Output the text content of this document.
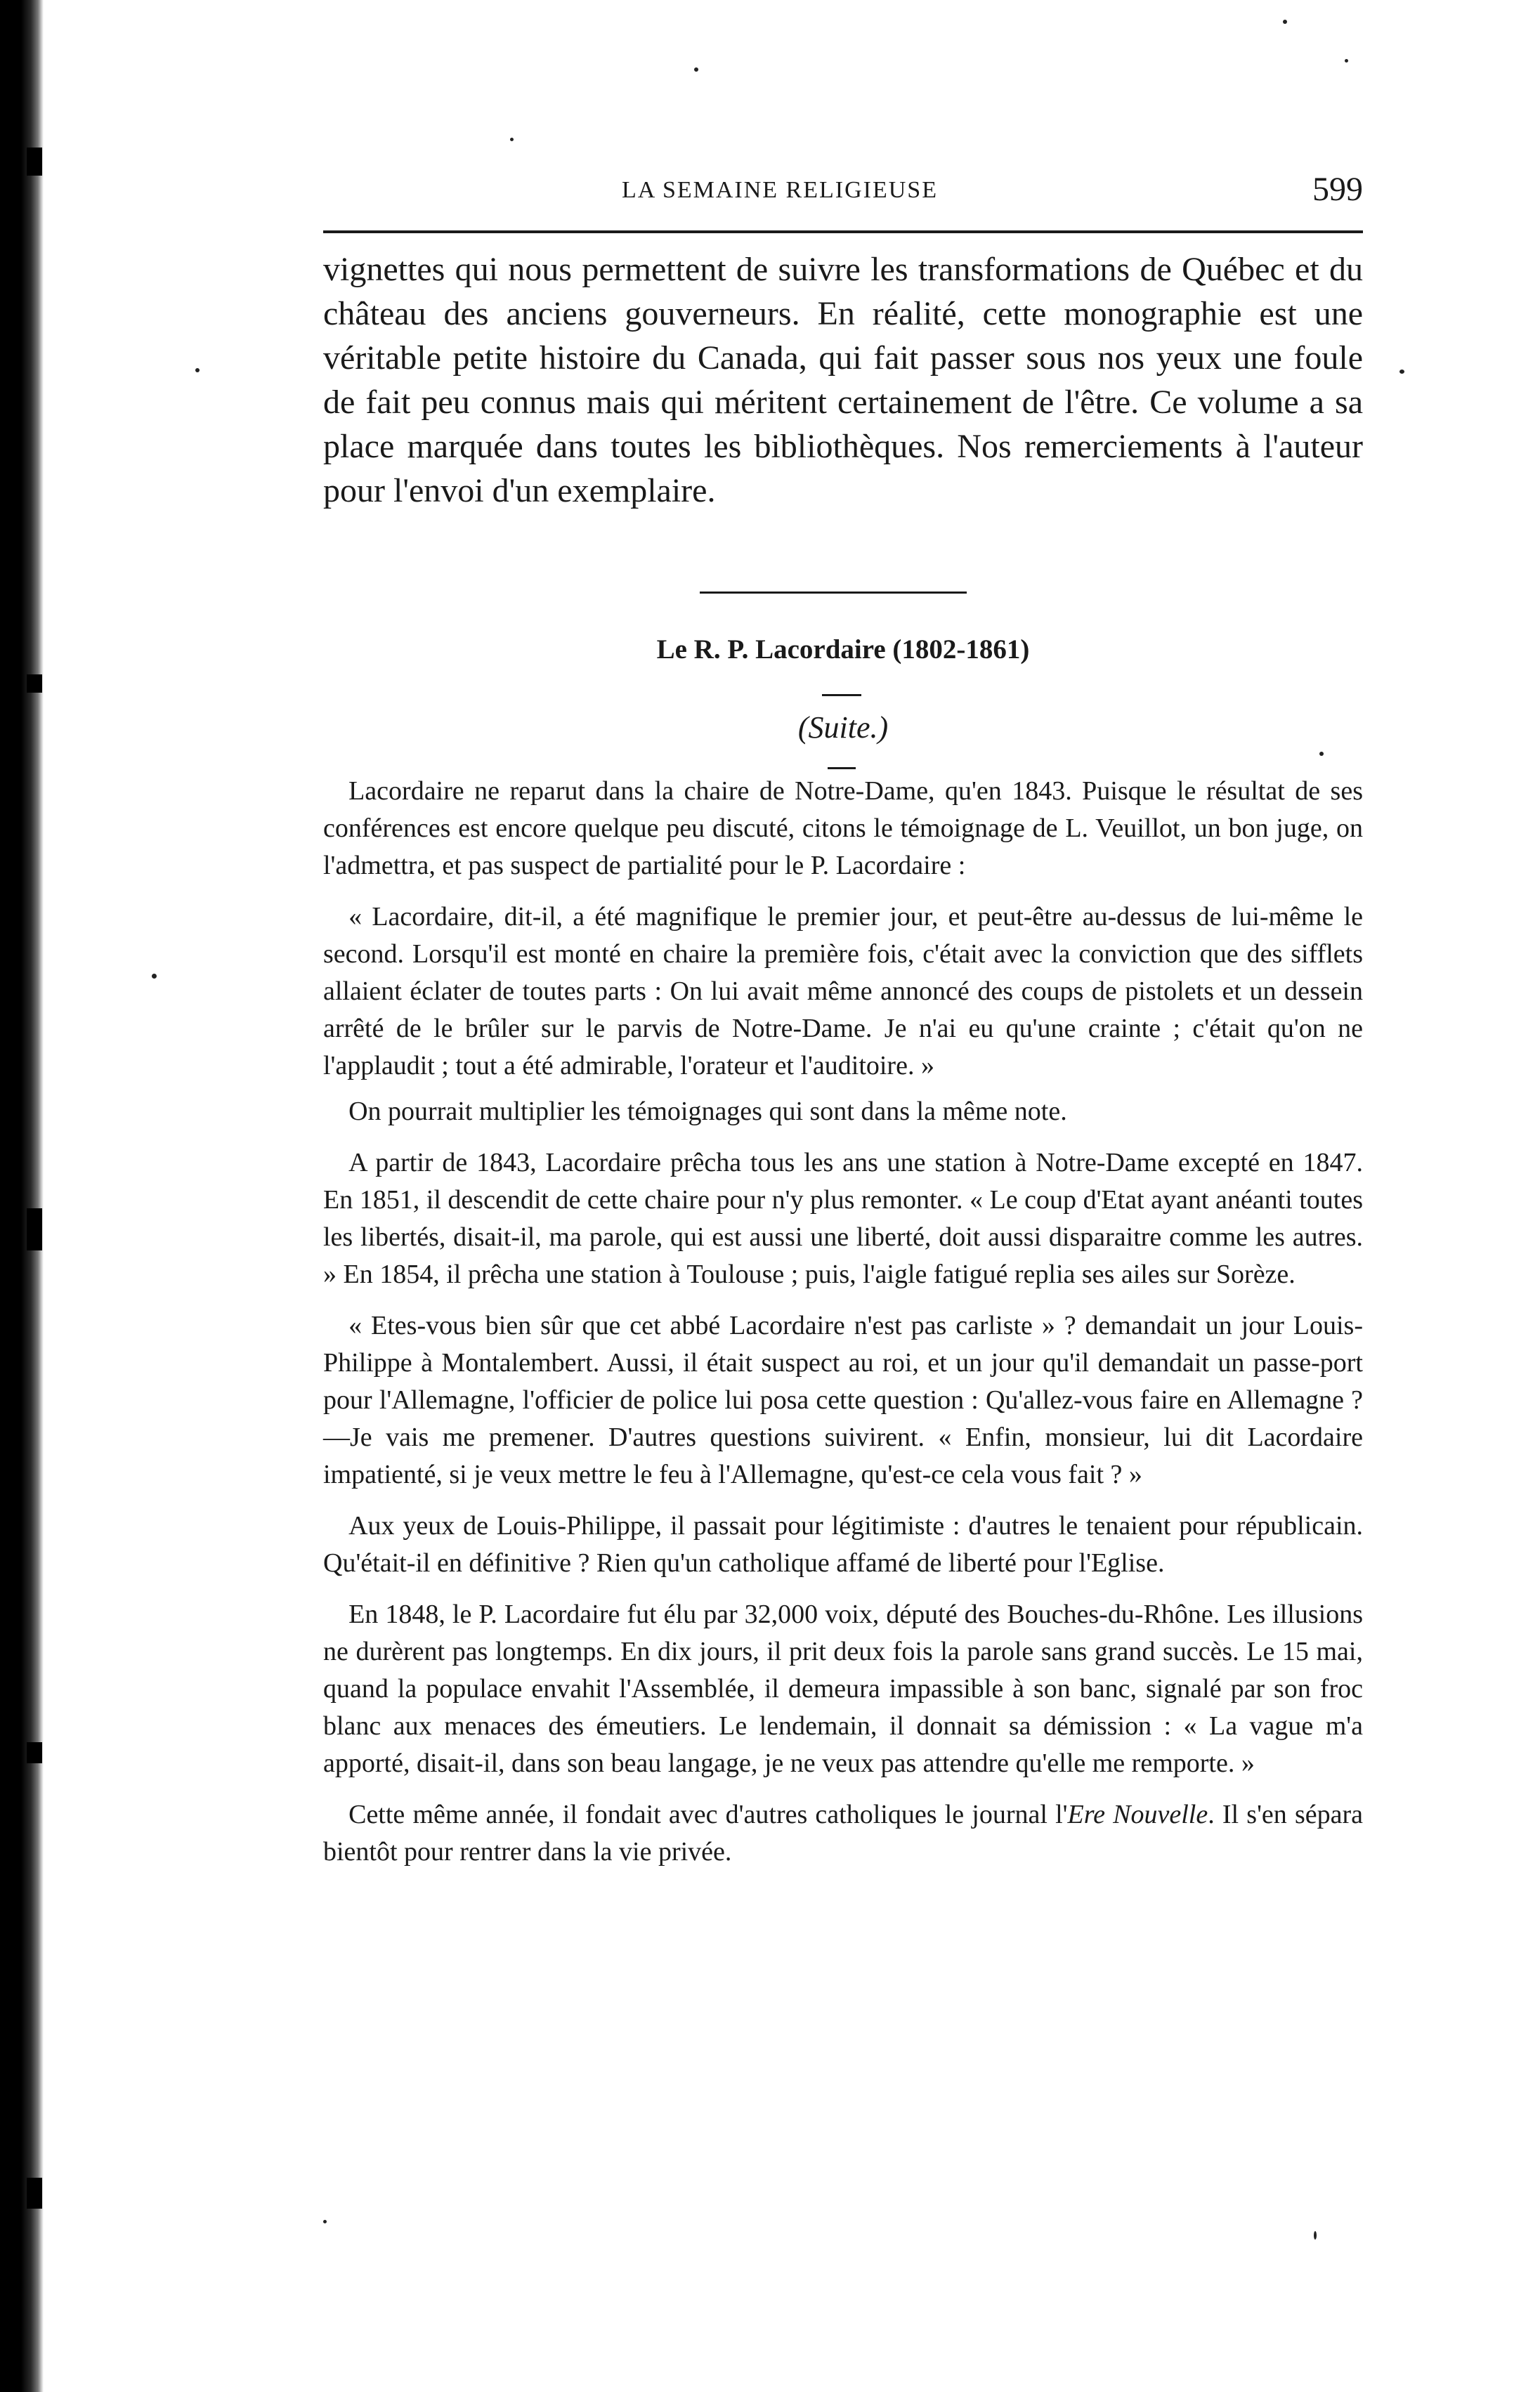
LA SEMAINE RELIGIEUSE	599
vignettes qui nous permettent de suivre les transformations de Québec et du château des anciens gouverneurs. En réalité, cette monographie est une véritable petite histoire du Canada, qui fait passer sous nos yeux une foule de fait peu connus mais qui méritent certainement de l'être. Ce volume a sa place marquée dans toutes les bibliothèques. Nos remerciements à l'auteur pour l'envoi d'un exemplaire.
Le R. P. Lacordaire (1802-1861)
(Suite.)

Lacordaire ne reparut dans la chaire de Notre-Dame, qu'en 1843. Puisque le résultat de ses conférences est encore quelque peu discuté, citons le témoignage de L. Veuillot, un bon juge, on l'admettra, et pas suspect de partialité pour le P. Lacordaire :

« Lacordaire, dit-il, a été magnifique le premier jour, et peut-être au-dessus de lui-même le second. Lorsqu'il est monté en chaire la première fois, c'était avec la conviction que des sifflets allaient éclater de toutes parts : On lui avait même annoncé des coups de pistolets et un dessein arrêté de le brûler sur le parvis de Notre-Dame. Je n'ai eu qu'une crainte ; c'était qu'on ne l'applaudit ; tout a été admirable, l'orateur et l'auditoire. »

On pourrait multiplier les témoignages qui sont dans la même note.

A partir de 1843, Lacordaire prêcha tous les ans une station à Notre-Dame excepté en 1847. En 1851, il descendit de cette chaire pour n'y plus remonter. « Le coup d'Etat ayant anéanti toutes les libertés, disait-il, ma parole, qui est aussi une liberté, doit aussi disparaitre comme les autres. » En 1854, il prêcha une station à Toulouse ; puis, l'aigle fatigué replia ses ailes sur Sorèze.

« Etes-vous bien sûr que cet abbé Lacordaire n'est pas carliste » ? demandait un jour Louis-Philippe à Montalembert. Aussi, il était suspect au roi, et un jour qu'il demandait un passe-port pour l'Allemagne, l'officier de police lui posa cette question : Qu'allez-vous faire en Allemagne ?—Je vais me premener. D'autres questions suivirent. « Enfin, monsieur, lui dit Lacordaire impatienté, si je veux mettre le feu à l'Allemagne, qu'est-ce cela vous fait ? »

Aux yeux de Louis-Philippe, il passait pour légitimiste : d'autres le tenaient pour républicain. Qu'était-il en définitive ? Rien qu'un catholique affamé de liberté pour l'Eglise.

En 1848, le P. Lacordaire fut élu par 32,000 voix, député des Bouches-du-Rhône. Les illusions ne durèrent pas longtemps. En dix jours, il prit deux fois la parole sans grand succès. Le 15 mai, quand la populace envahit l'Assemblée, il demeura impassible à son banc, signalé par son froc blanc aux menaces des émeutiers. Le lendemain, il donnait sa démission : « La vague m'a apporté, disait-il, dans son beau langage, je ne veux pas attendre qu'elle me remporte. »

Cette même année, il fondait avec d'autres catholiques le journal l'Ere Nouvelle. Il s'en sépara bientôt pour rentrer dans la vie privée.
